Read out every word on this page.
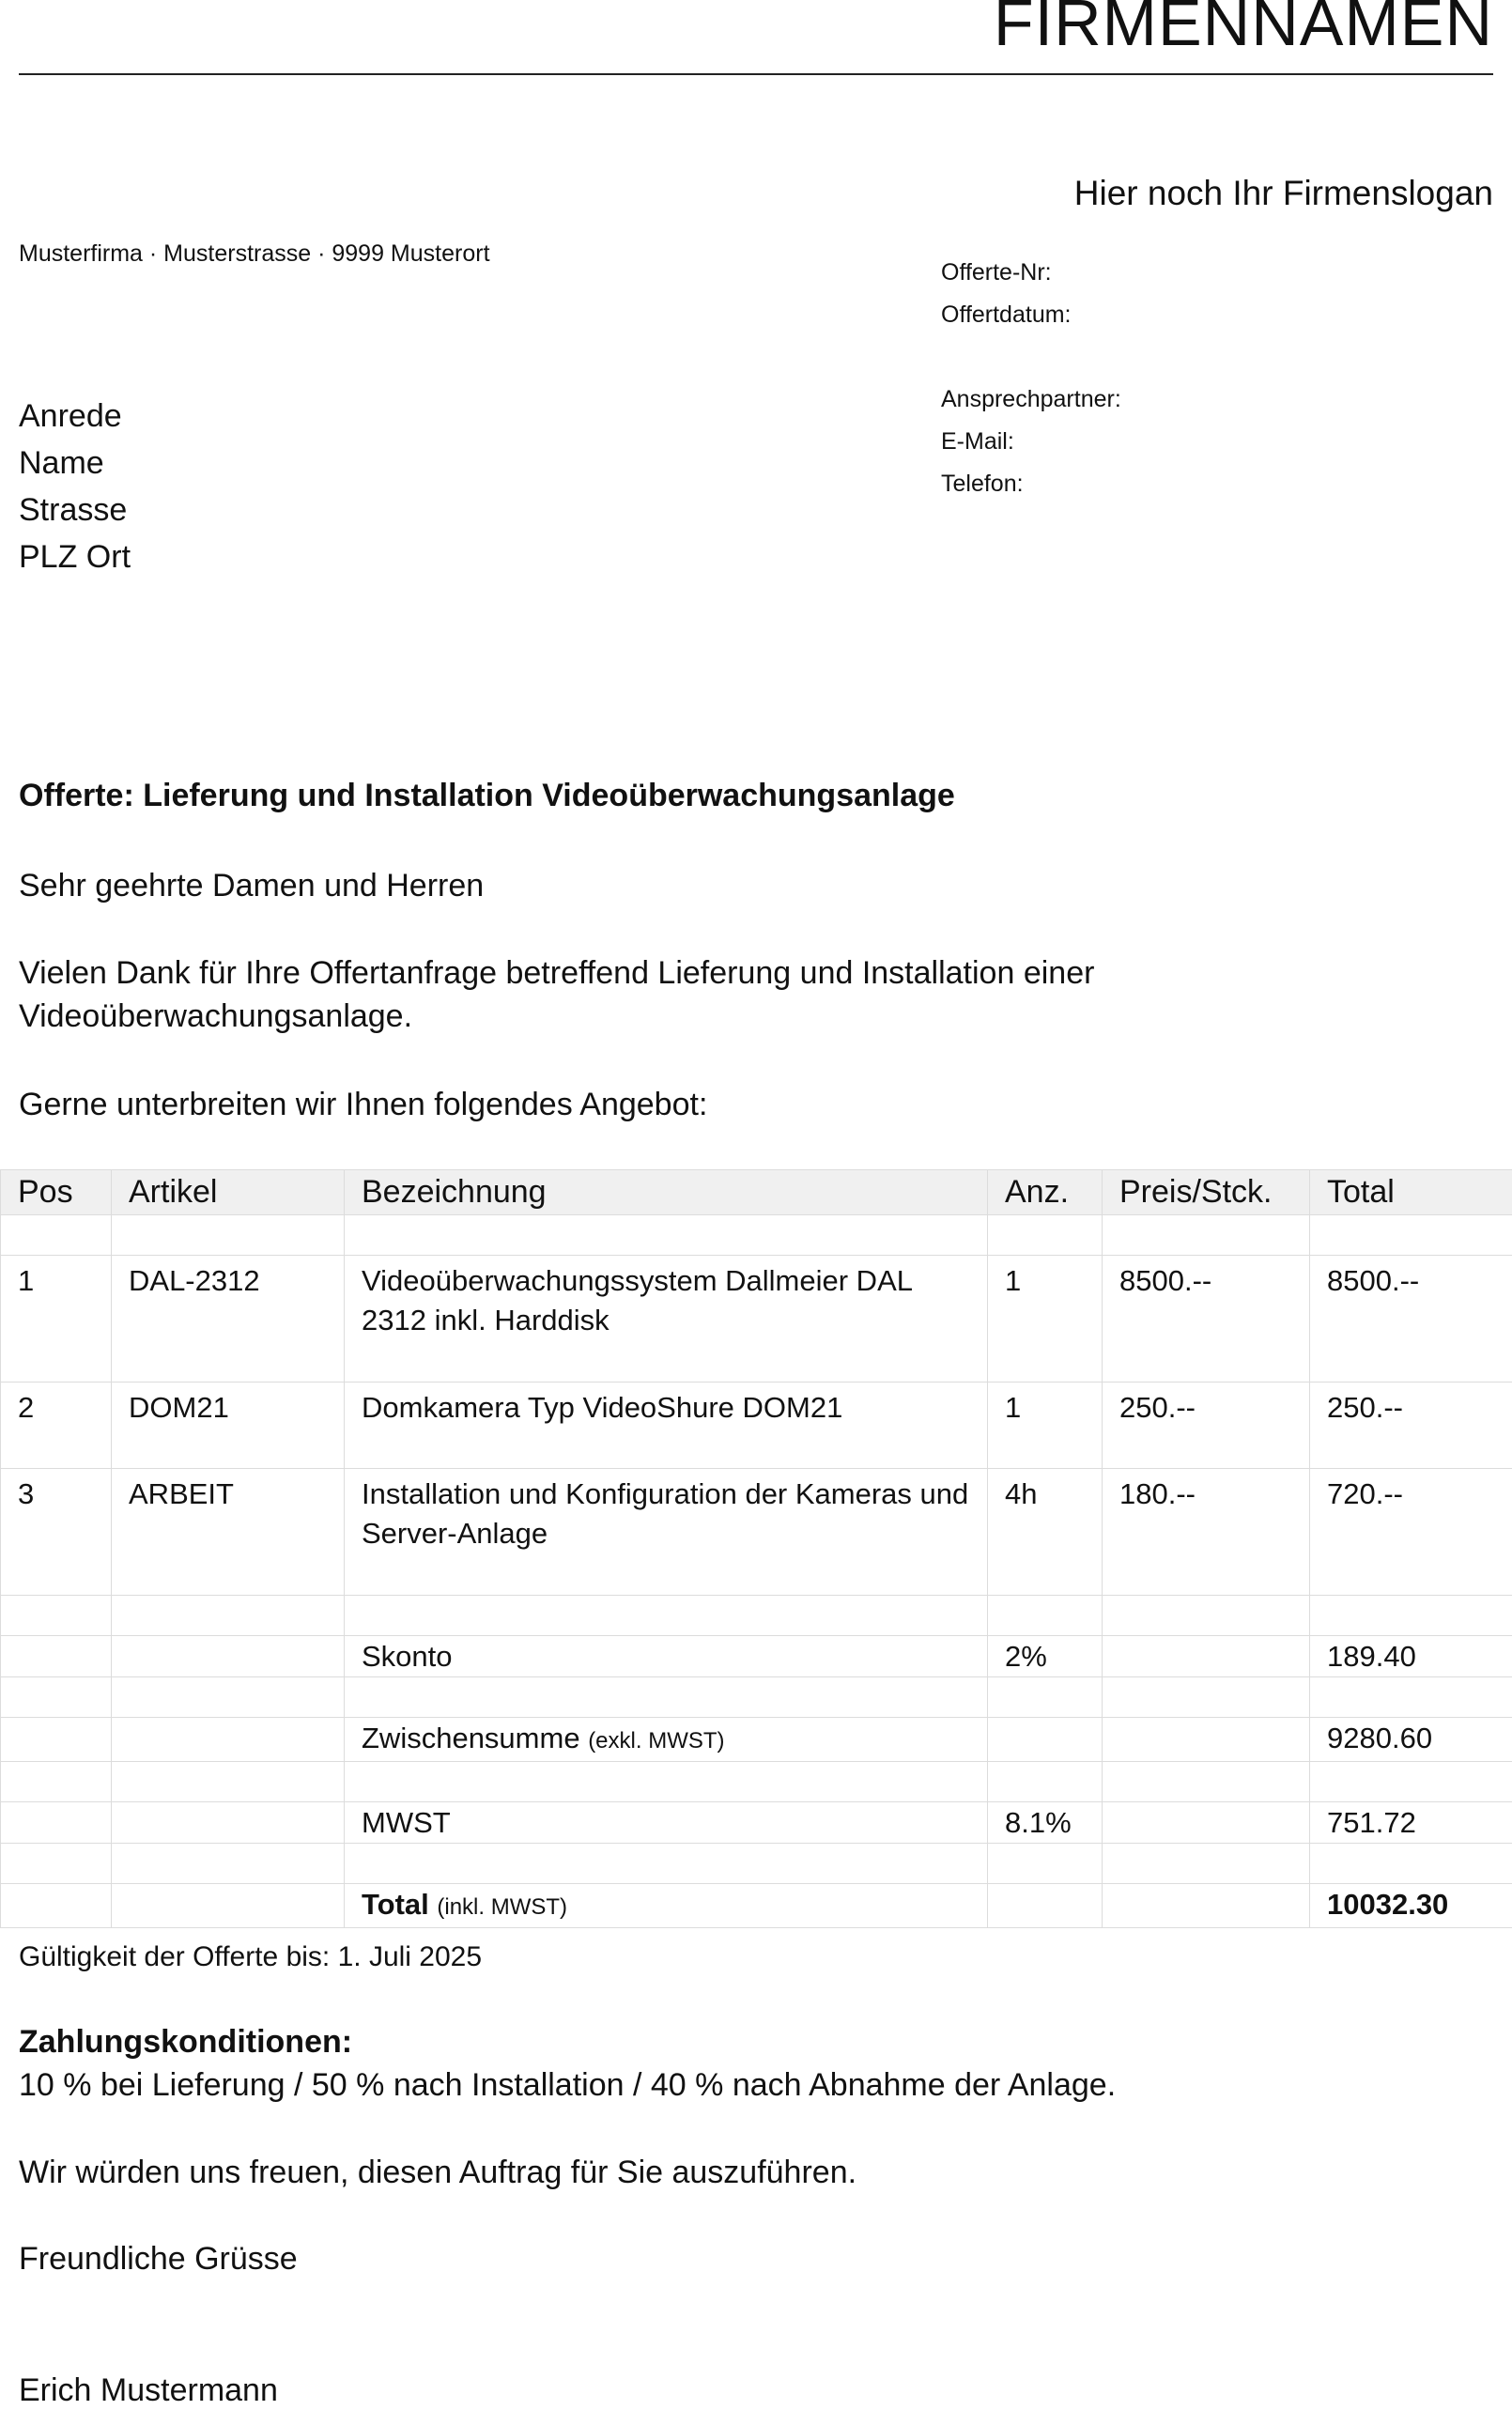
FIRMENNAMEN
Hier noch Ihr Firmenslogan
Musterfirma · Musterstrasse · 9999 Musterort
Offerte-Nr:
Offertdatum:
Ansprechpartner:
E-Mail:
Telefon:
Anrede
Name
Strasse
PLZ Ort
Offerte: Lieferung und Installation Videoüberwachungsanlage
Sehr geehrte Damen und Herren
Vielen Dank für Ihre Offertanfrage betreffend Lieferung und Installation einer Videoüberwachungsanlage.
Gerne unterbreiten wir Ihnen folgendes Angebot:
Pos	Artikel	Bezeichnung	Anz.	Preis/Stck.	Total

1	DAL-2312	Videoüberwachungssystem Dallmeier DAL 2312 inkl. Harddisk	1	8500.--	8500.--
2	DOM21	Domkamera Typ VideoShure DOM21	1	250.--	250.--
3	ARBEIT	Installation und Konfiguration der Kameras und Server-Anlage	4h	180.--	720.--

		Skonto	2%		189.40

		Zwischensumme (exkl. MWST)			9280.60

		MWST	8.1%		751.72

		Total (inkl. MWST)			10032.30
Gültigkeit der Offerte bis: 1. Juli 2025
Zahlungskonditionen:
10 % bei Lieferung / 50 % nach Installation / 40 % nach Abnahme der Anlage.
Wir würden uns freuen, diesen Auftrag für Sie auszuführen.
Freundliche Grüsse
Erich Mustermann
